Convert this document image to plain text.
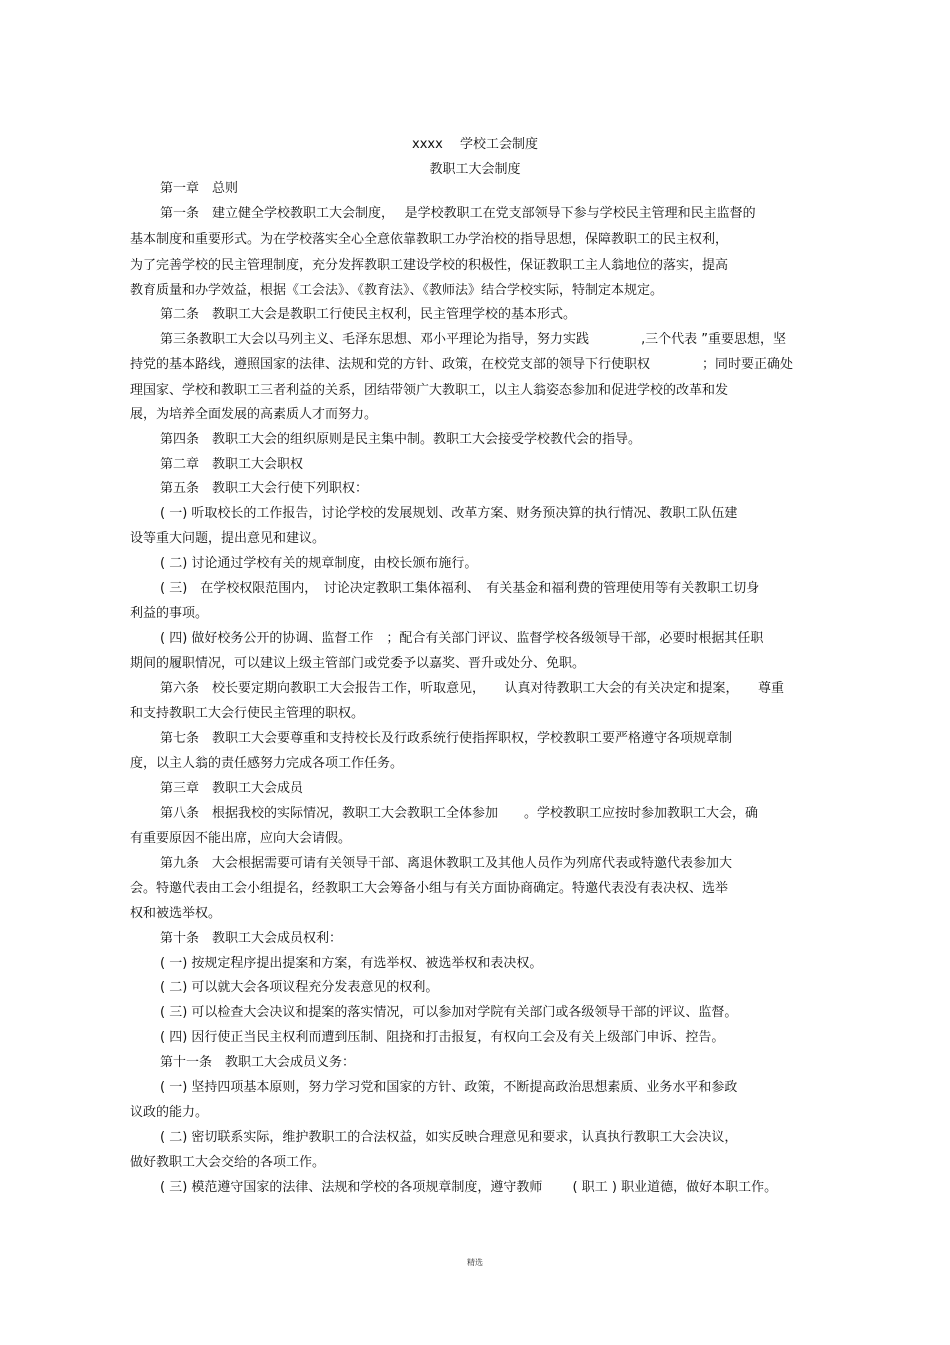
xxxx　 学校工会制度
教职工大会制度
第一章　总则
第一条　建立健全学校教职工大会制度，　 是学校教职工在党支部领导下参与学校民主管理和民主监督的
基本制度和重要形式。为在学校落实全心全意依靠教职工办学治校的指导思想，保障教职工的民主权利，
为了完善学校的民主管理制度，充分发挥教职工建设学校的积极性，保证教职工主人翁地位的落实，提高
教育质量和办学效益，根据《工会法》、《教育法》、《教师法》结合学校实际，特制定本规定。
第二条　教职工大会是教职工行使民主权利，民主管理学校的基本形式。
第三条教职工大会以马列主义、毛泽东思想、邓小平理论为指导，努力实践　　　　‚三个代表 ”重要思想，坚
持党的基本路线，遵照国家的法律、法规和党的方针、政策，在校党支部的领导下行使职权　　　　；同时要正确处
理国家、学校和教职工三者利益的关系，团结带领广大教职工，以主人翁姿态参加和促进学校的改革和发
展，为培养全面发展的高素质人才而努力。
第四条　教职工大会的组织原则是民主集中制。教职工大会接受学校教代会的指导。
第二章　教职工大会职权
第五条　教职工大会行使下列职权：
( 一) 听取校长的工作报告，讨论学校的发展规划、改革方案、财务预决算的执行情况、教职工队伍建
设等重大问题，提出意见和建议。
( 二) 讨论通过学校有关的规章制度，由校长颁布施行。
( 三)　在学校权限范围内，　讨论决定教职工集体福利、　有关基金和福利费的管理使用等有关教职工切身
利益的事项。
( 四) 做好校务公开的协调、监督工作　；配合有关部门评议、监督学校各级领导干部，必要时根据其任职
期间的履职情况，可以建议上级主管部门或党委予以嘉奖、晋升或处分、免职。
第六条　校长要定期向教职工大会报告工作，听取意见，　　认真对待教职工大会的有关决定和提案，　　尊重
和支持教职工大会行使民主管理的职权。
第七条　教职工大会要尊重和支持校长及行政系统行使指挥职权，学校教职工要严格遵守各项规章制
度，以主人翁的责任感努力完成各项工作任务。
第三章　教职工大会成员
第八条　根据我校的实际情况，教职工大会教职工全体参加　　。学校教职工应按时参加教职工大会，确
有重要原因不能出席，应向大会请假。
第九条　大会根据需要可请有关领导干部、离退休教职工及其他人员作为列席代表或特邀代表参加大
会。特邀代表由工会小组提名，经教职工大会筹备小组与有关方面协商确定。特邀代表没有表决权、选举
权和被选举权。
第十条　教职工大会成员权利：
( 一) 按规定程序提出提案和方案，有选举权、被选举权和表决权。
( 二) 可以就大会各项议程充分发表意见的权利。
( 三) 可以检查大会决议和提案的落实情况，可以参加对学院有关部门或各级领导干部的评议、监督。
( 四) 因行使正当民主权利而遭到压制、阻挠和打击报复，有权向工会及有关上级部门申诉、控告。
第十一条　教职工大会成员义务：
( 一) 坚持四项基本原则，努力学习党和国家的方针、政策，不断提高政治思想素质、业务水平和参政
议政的能力。
( 二) 密切联系实际，维护教职工的合法权益，如实反映合理意见和要求，认真执行教职工大会决议，
做好教职工大会交给的各项工作。
( 三) 模范遵守国家的法律、法规和学校的各项规章制度，遵守教师　　 ( 职工 ) 职业道德，做好本职工作。
精选
